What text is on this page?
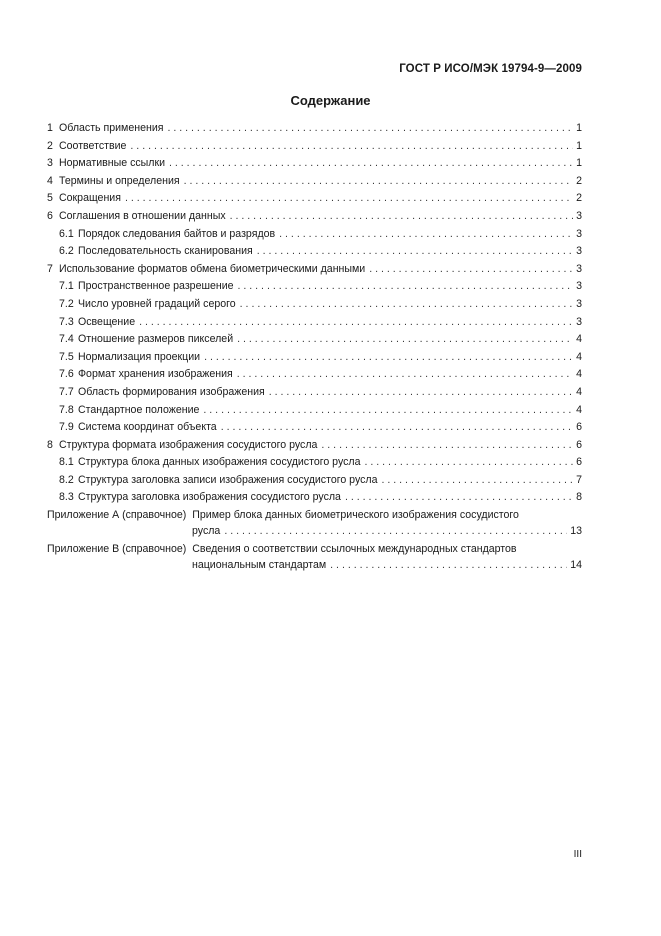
ГОСТ Р ИСО/МЭК 19794-9—2009
Содержание
1 Область применения . . .	1
2 Соответствие . . .	1
3 Нормативные ссылки . . .	1
4 Термины и определения . . .	2
5 Сокращения . . .	2
6 Соглашения в отношении данных . . .	3
6.1 Порядок следования байтов и разрядов . . .	3
6.2 Последовательность сканирования . . .	3
7 Использование форматов обмена биометрическими данными . . .	3
7.1 Пространственное разрешение . . .	3
7.2 Число уровней градаций серого . . .	3
7.3 Освещение . . .	3
7.4 Отношение размеров пикселей . . .	4
7.5 Нормализация проекции . . .	4
7.6 Формат хранения изображения . . .	4
7.7 Область формирования изображения . . .	4
7.8 Стандартное положение . . .	4
7.9 Система координат объекта . . .	6
8 Структура формата изображения сосудистого русла . . .	6
8.1 Структура блока данных изображения сосудистого русла . . .	6
8.2 Структура заголовка записи изображения сосудистого русла . . .	7
8.3 Структура заголовка изображения сосудистого русла . . .	8
Приложение А (справочное) Пример блока данных биометрического изображения сосудистого
русла . . .	13
Приложение В (справочное) Сведения о соответствии ссылочных международных стандартов
национальным стандартам . . .	14
III
